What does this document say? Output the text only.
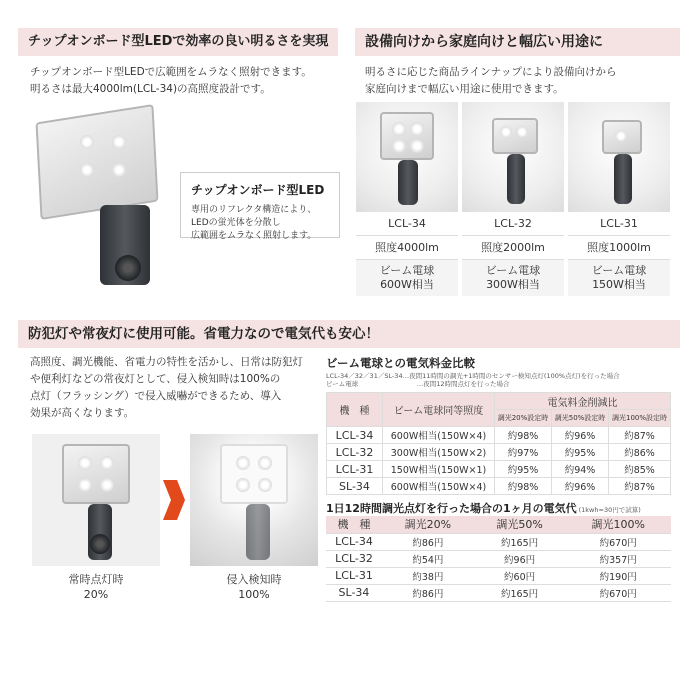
チップオンボード型LEDで効率の良い明るさを実現
チップオンボード型LEDで広範囲をムラなく照射できます。
明るさは最大4000lm(LCL-34)の高照度設計です。
チップオンボード型LED
専用のリフレクタ構造により、
LEDの蛍光体を分散し
広範囲をムラなく照射します。
設備向けから家庭向けと幅広い用途に
明るさに応じた商品ラインナップにより設備向けから
家庭向けまで幅広い用途に使用できます。
LCL-34
照度4000lm
ビーム電球
600W相当
LCL-32
照度2000lm
ビーム電球
300W相当
LCL-31
照度1000lm
ビーム電球
150W相当
防犯灯や常夜灯に使用可能。省電力なので電気代も安心！
高照度、調光機能、省電力の特性を活かし、日常は防犯灯
や便利灯などの常夜灯として、侵入検知時は100%の
点灯（フラッシング）で侵入威嚇ができるため、導入
効果が高くなります。
常時点灯時
20%
侵入検知時
100%
ビーム電球との電気料金比較
LCL-34／32／31／SL-34…夜間11時間の調光+1時間のセンサー検知点灯(100%点灯)を行った場合
ビーム電球　　　　　　　　　…夜間12時間点灯を行った場合
機　種	ビーム電球同等照度	電気料金削減比		
		調光20%設定時	調光50%設定時	調光100%設定時
LCL-34	600W相当(150W×4)	約98%	約96%	約87%
LCL-32	300W相当(150W×2)	約97%	約95%	約86%
LCL-31	150W相当(150W×1)	約95%	約94%	約85%
SL-34	600W相当(150W×4)	約98%	約96%	約87%
1日12時間調光点灯を行った場合の1ヶ月の電気代 (1kwh=30円で試算)
機　種	調光20%	調光50%	調光100%
LCL-34	約86円	約165円	約670円
LCL-32	約54円	約96円	約357円
LCL-31	約38円	約60円	約190円
SL-34	約86円	約165円	約670円
